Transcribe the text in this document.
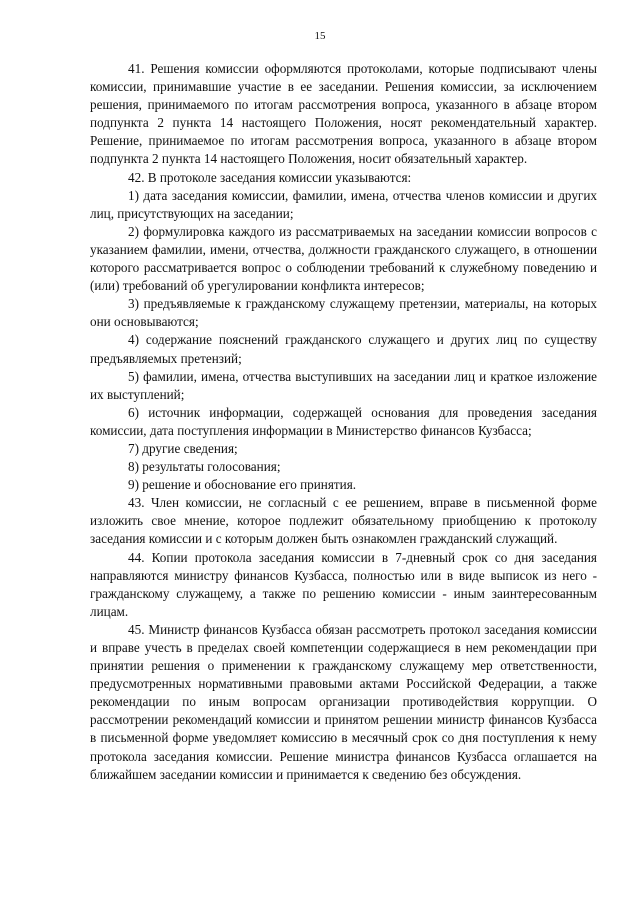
15

41. Решения комиссии оформляются протоколами, которые подписывают члены комиссии, принимавшие участие в ее заседании. Решения комиссии, за исключением решения, принимаемого по итогам рассмотрения вопроса, указанного в абзаце втором подпункта 2 пункта 14 настоящего Положения, носят рекомендательный характер. Решение, принимаемое по итогам рассмотрения вопроса, указанного в абзаце втором подпункта 2 пункта 14 настоящего Положения, носит обязательный характер.

42. В протоколе заседания комиссии указываются:

1) дата заседания комиссии, фамилии, имена, отчества членов комиссии и других лиц, присутствующих на заседании;

2) формулировка каждого из рассматриваемых на заседании комиссии вопросов с указанием фамилии, имени, отчества, должности гражданского служащего, в отношении которого рассматривается вопрос о соблюдении требований к служебному поведению и (или) требований об урегулировании конфликта интересов;

3) предъявляемые к гражданскому служащему претензии, материалы, на которых они основываются;

4) содержание пояснений гражданского служащего и других лиц по существу предъявляемых претензий;

5) фамилии, имена, отчества выступивших на заседании лиц и краткое изложение их выступлений;

6) источник информации, содержащей основания для проведения заседания комиссии, дата поступления информации в Министерство финансов Кузбасса;

7) другие сведения;

8) результаты голосования;

9) решение и обоснование его принятия.

43. Член комиссии, не согласный с ее решением, вправе в письменной форме изложить свое мнение, которое подлежит обязательному приобщению к протоколу заседания комиссии и с которым должен быть ознакомлен гражданский служащий.

44. Копии протокола заседания комиссии в 7-дневный срок со дня заседания направляются министру финансов Кузбасса, полностью или в виде выписок из него - гражданскому служащему, а также по решению комиссии - иным заинтересованным лицам.

45. Министр финансов Кузбасса обязан рассмотреть протокол заседания комиссии и вправе учесть в пределах своей компетенции содержащиеся в нем рекомендации при принятии решения о применении к гражданскому служащему мер ответственности, предусмотренных нормативными правовыми актами Российской Федерации, а также рекомендации по иным вопросам организации противодействия коррупции. О рассмотрении рекомендаций комиссии и принятом решении министр финансов Кузбасса в письменной форме уведомляет комиссию в месячный срок со дня поступления к нему протокола заседания комиссии. Решение министра финансов Кузбасса оглашается на ближайшем заседании комиссии и принимается к сведению без обсуждения.
